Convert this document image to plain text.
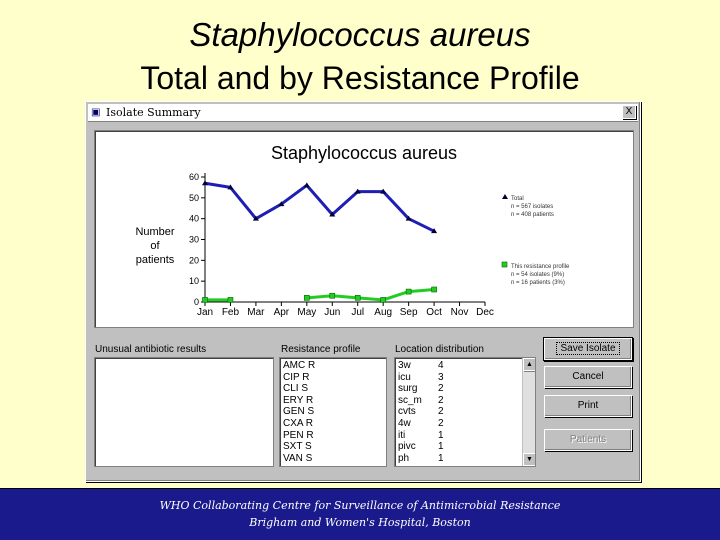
Staphylococcus aureus
Total and by Resistance Profile
▣ Isolate Summary	X
Staphylococcus aureus
Number
of
patients
0
10
20
30
40
50
60
Jan Feb Mar Apr May Jun Jul Aug Sep Oct Nov Dec
Total
n = 567 isolates
n = 408 patients
This resistance profile
n = 54 isolates (9%)
n = 16 patients (3%)
Unusual antibiotic results	Resistance profile	Location distribution
AMC R
CIP R
CLI S
ERY R
GEN S
CXA R
PEN R
SXT S
VAN S
3w	4
icu	3
surg	2
sc_m	2
cvts	2
4w	2
iti	1
pivc	1
ph	1
▲
▼
Save Isolate
Cancel
Print
Patients
WHO Collaborating Centre for Surveillance of Antimicrobial Resistance
Brigham and Women's Hospital, Boston
